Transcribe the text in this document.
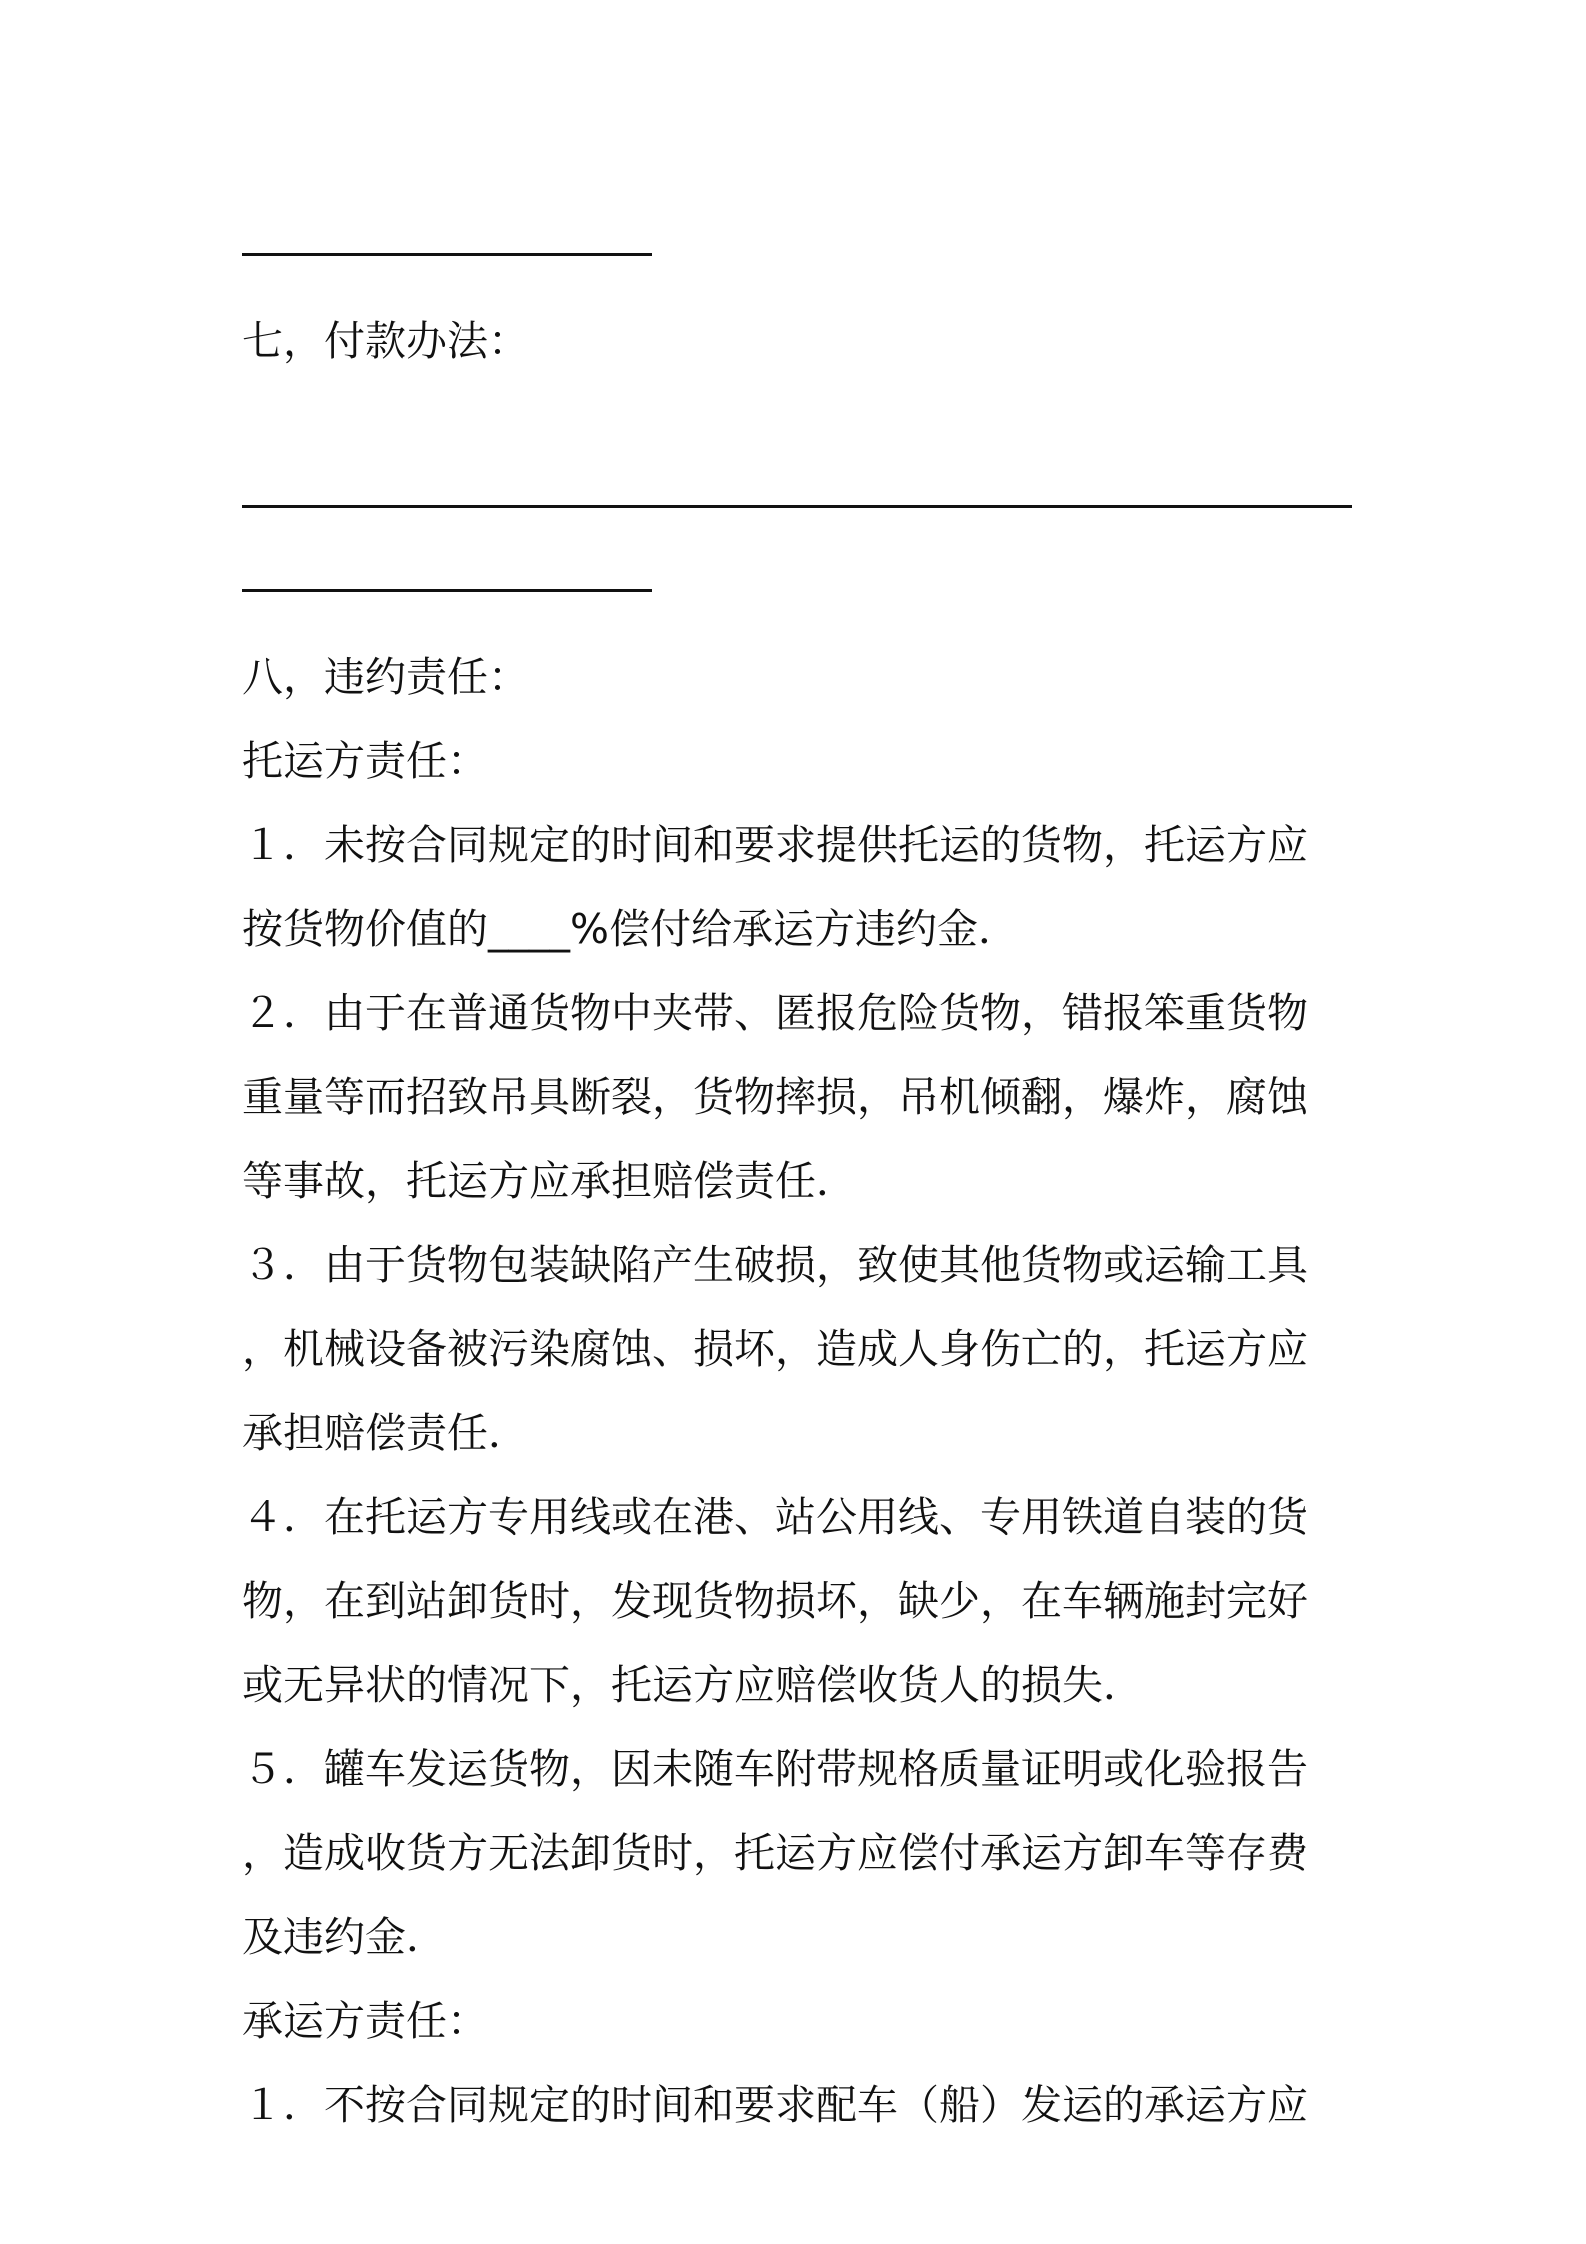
七，付款办法：
八，违约责任：
托运方责任：
１．未按合同规定的时间和要求提供托运的货物，托运方应
按货物价值的____%偿付给承运方违约金．
２．由于在普通货物中夹带、匿报危险货物，错报笨重货物
重量等而招致吊具断裂，货物摔损，吊机倾翻，爆炸，腐蚀
等事故，托运方应承担赔偿责任．
３．由于货物包装缺陷产生破损，致使其他货物或运输工具
，机械设备被污染腐蚀、损坏，造成人身伤亡的，托运方应
承担赔偿责任．
４．在托运方专用线或在港、站公用线、专用铁道自装的货
物，在到站卸货时，发现货物损坏，缺少，在车辆施封完好
或无异状的情况下，托运方应赔偿收货人的损失．
５．罐车发运货物，因未随车附带规格质量证明或化验报告
，造成收货方无法卸货时，托运方应偿付承运方卸车等存费
及违约金．
承运方责任：
１．不按合同规定的时间和要求配车（船）发运的承运方应
